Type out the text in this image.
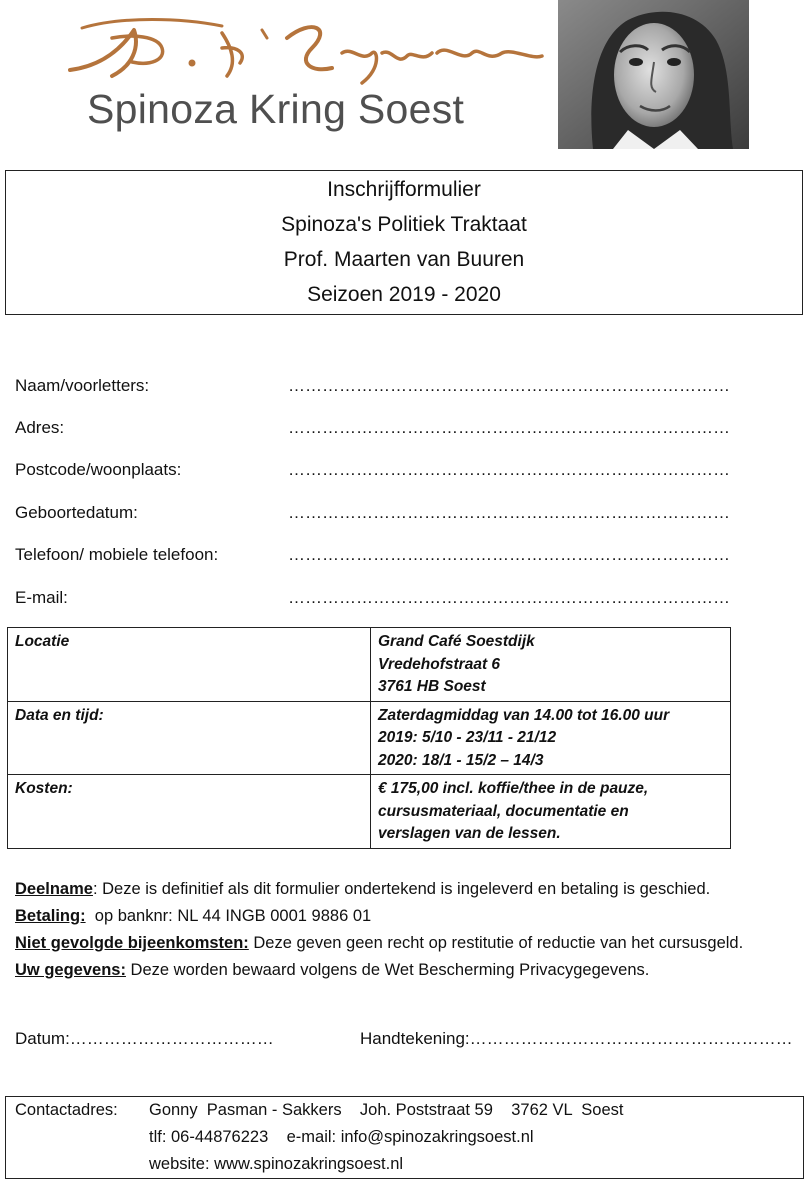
Spinoza Kring Soest
Inschrijfformulier
Spinoza's Politiek Traktaat
Prof. Maarten van Buuren
Seizoen 2019 - 2020
Naam/voorletters:	……………………………………………………………………
Adres:	……………………………………………………………………
Postcode/woonplaats:	……………………………………………………………………
Geboortedatum:	……………………………………………………………………
Telefoon/ mobiele telefoon:	……………………………………………………………………
E-mail:	……………………………………………………………………
Locatie	Grand Café Soestdijk
Vredehofstraat 6
3761 HB Soest

Data en tijd:	Zaterdagmiddag van 14.00 tot 16.00 uur
2019: 5/10 - 23/11 - 21/12
2020: 18/1 - 15/2 – 14/3

Kosten:	€ 175,00 incl. koffie/thee in de pauze,
cursusmateriaal, documentatie en
verslagen van de lessen.
Deelname: Deze is definitief als dit formulier ondertekend is ingeleverd en betaling is geschied.
Betaling: op banknr: NL 44 INGB 0001 9886 01
Niet gevolgde bijeenkomsten: Deze geven geen recht op restitutie of reductie van het cursusgeld.
Uw gegevens: Deze worden bewaard volgens de Wet Bescherming Privacygegevens.
Datum:………………………………	Handtekening:…………………………………………………
Contactadres: Gonny  Pasman - Sakkers    Joh. Poststraat 59    3762 VL  Soest
tlf: 06-44876223    e-mail: info@spinozakringsoest.nl
website: www.spinozakringsoest.nl
